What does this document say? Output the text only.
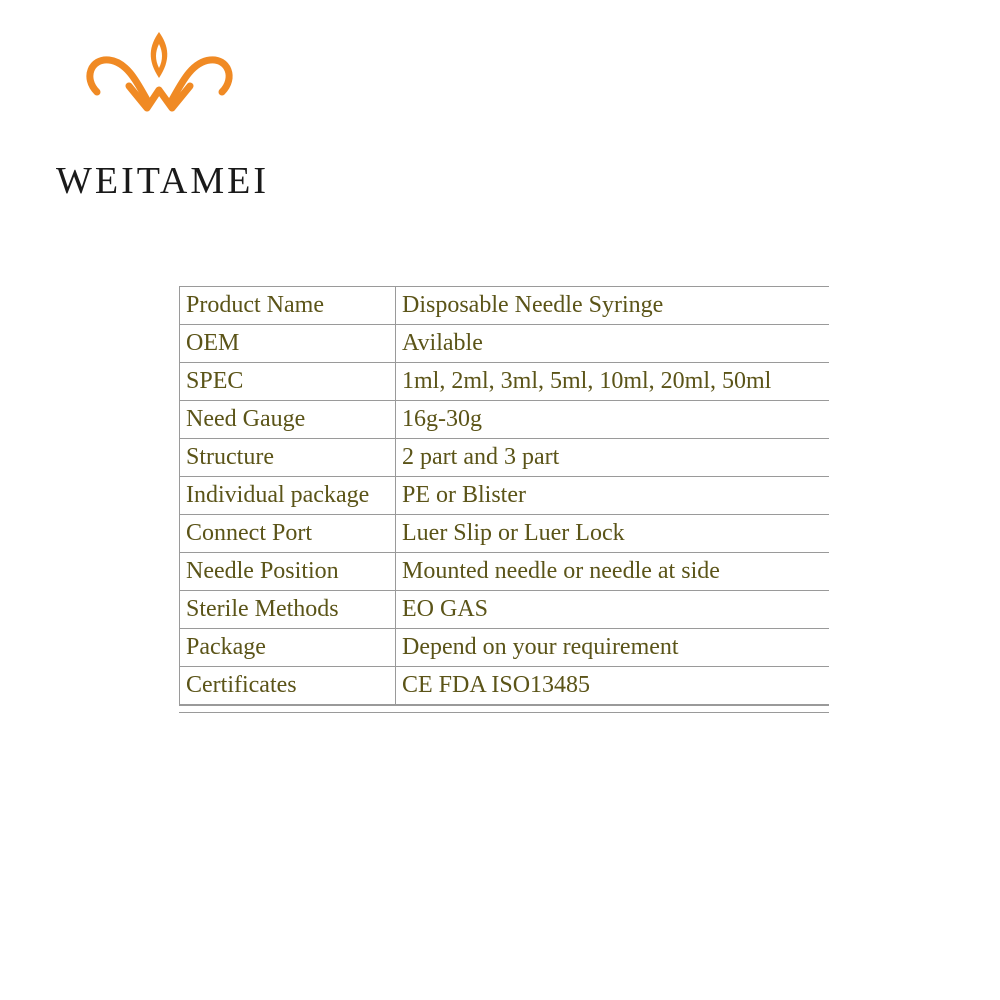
WEITAMEI
Product Name	Disposable Needle Syringe
OEM	Avilable
SPEC	1ml, 2ml, 3ml, 5ml, 10ml, 20ml, 50ml
Need Gauge	16g-30g
Structure	2 part and 3 part
Individual package	PE or Blister
Connect Port	Luer Slip or Luer Lock
Needle Position	Mounted needle or needle at side
Sterile Methods	EO GAS
Package	Depend on your requirement
Certificates	CE FDA ISO13485
